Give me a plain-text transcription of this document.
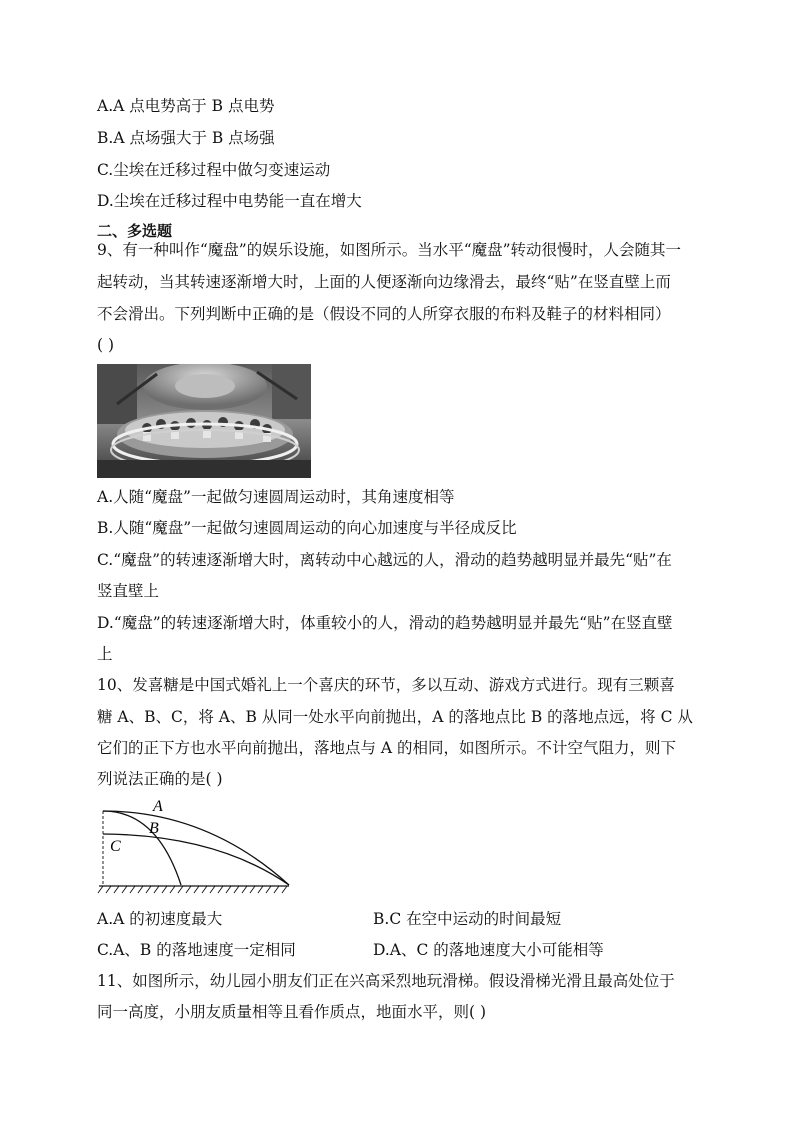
A.A 点电势高于 B 点电势
B.A 点场强大于 B 点场强
C.尘埃在迁移过程中做匀变速运动
D.尘埃在迁移过程中电势能一直在增大
二、多选题
9、有一种叫作“魔盘”的娱乐设施，如图所示。当水平“魔盘”转动很慢时，人会随其一
起转动，当其转速逐渐增大时，上面的人便逐渐向边缘滑去，最终“贴”在竖直壁上而
不会滑出。下列判断中正确的是（假设不同的人所穿衣服的布料及鞋子的材料相同）
( )
A.人随“魔盘”一起做匀速圆周运动时，其角速度相等
B.人随“魔盘”一起做匀速圆周运动的向心加速度与半径成反比
C.“魔盘”的转速逐渐增大时，离转动中心越远的人，滑动的趋势越明显并最先“贴”在
竖直壁上
D.“魔盘”的转速逐渐增大时，体重较小的人，滑动的趋势越明显并最先“贴”在竖直壁
上
10、发喜糖是中国式婚礼上一个喜庆的环节，多以互动、游戏方式进行。现有三颗喜
糖 A、B、C，将 A、B 从同一处水平向前抛出，A 的落地点比 B 的落地点远，将 C 从
它们的正下方也水平向前抛出，落地点与 A 的相同，如图所示。不计空气阻力，则下
列说法正确的是( )
A
B
C
A.A 的初速度最大	B.C 在空中运动的时间最短
C.A、B 的落地速度一定相同	D.A、C 的落地速度大小可能相等
11、如图所示，幼儿园小朋友们正在兴高采烈地玩滑梯。假设滑梯光滑且最高处位于
同一高度，小朋友质量相等且看作质点，地面水平，则( )
